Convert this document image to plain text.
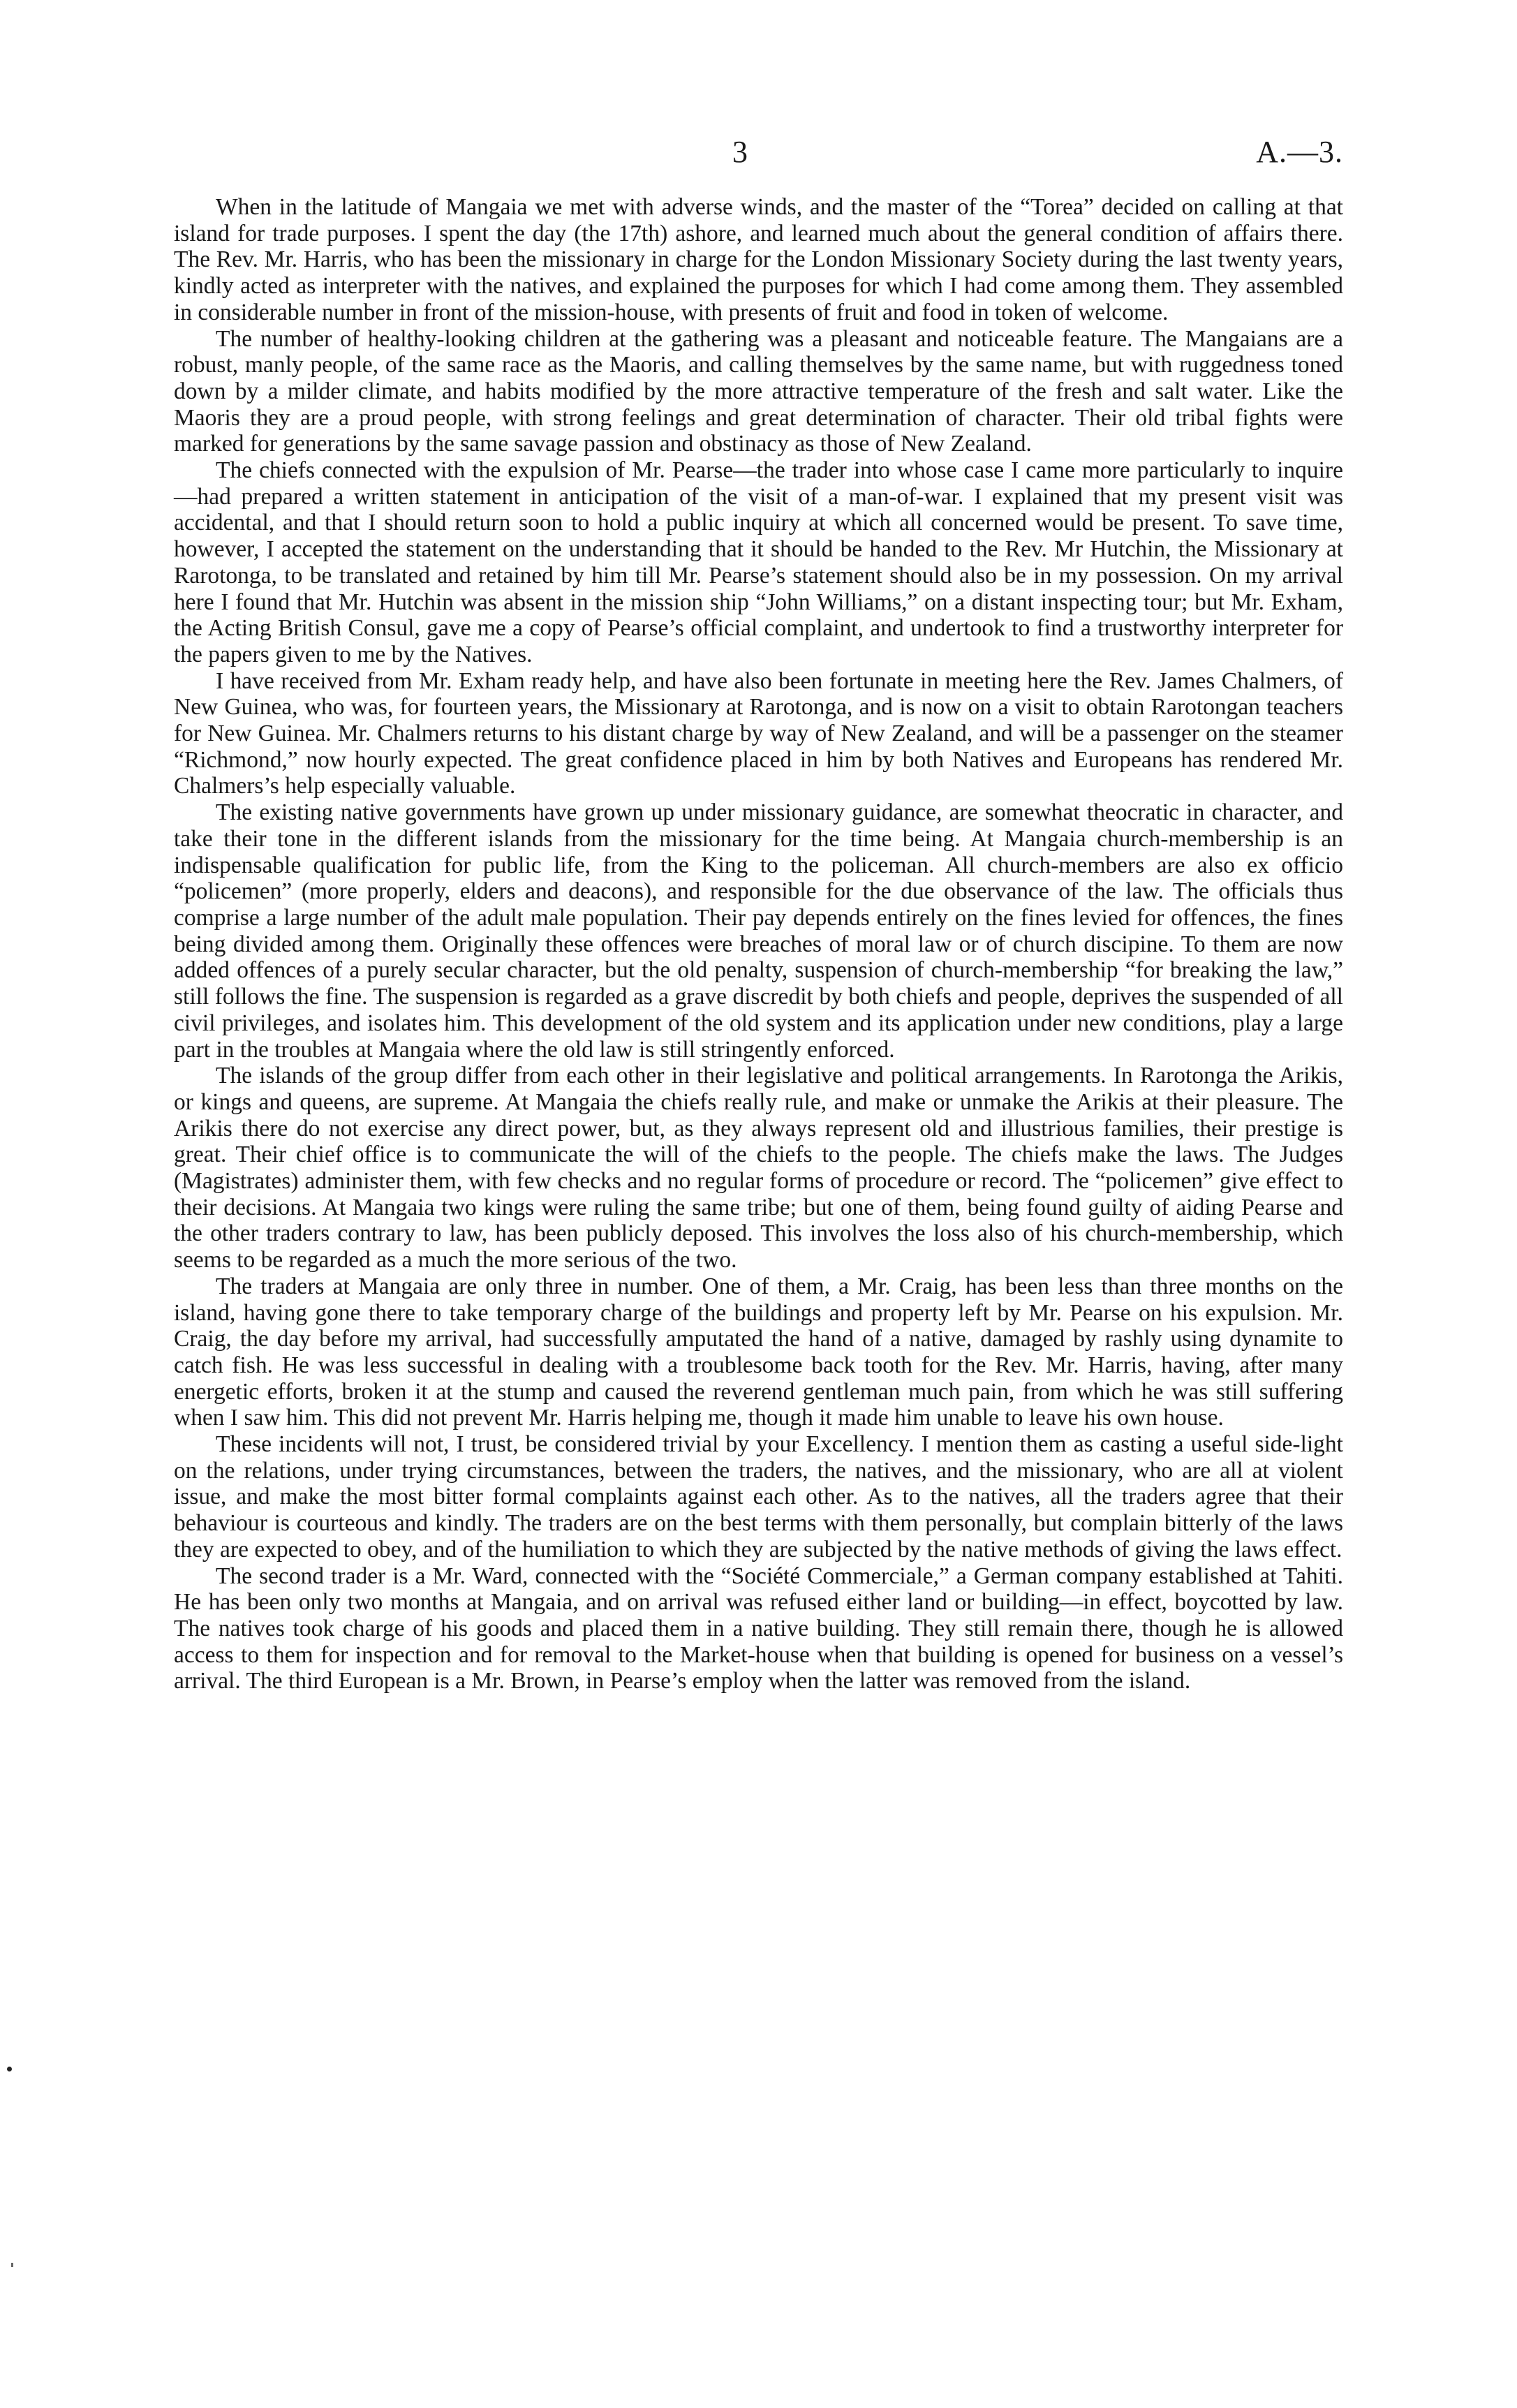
3	A.—3.

When in the latitude of Mangaia we met with adverse winds, and the master of the “Torea” decided on calling at that island for trade purposes. I spent the day (the 17th) ashore, and learned much about the general condition of affairs there. The Rev. Mr. Harris, who has been the missionary in charge for the London Missionary Society during the last twenty years, kindly acted as interpreter with the natives, and explained the purposes for which I had come among them. They assembled in considerable number in front of the mission-house, with presents of fruit and food in token of welcome.

The number of healthy-looking children at the gathering was a pleasant and noticeable feature. The Mangaians are a robust, manly people, of the same race as the Maoris, and calling themselves by the same name, but with ruggedness toned down by a milder climate, and habits modified by the more attractive temperature of the fresh and salt water. Like the Maoris they are a proud people, with strong feelings and great determination of character. Their old tribal fights were marked for generations by the same savage passion and obstinacy as those of New Zealand.

The chiefs connected with the expulsion of Mr. Pearse—the trader into whose case I came more particularly to inquire—had prepared a written statement in anticipation of the visit of a man-of-war. I explained that my present visit was accidental, and that I should return soon to hold a public inquiry at which all concerned would be present. To save time, however, I accepted the statement on the understanding that it should be handed to the Rev. Mr Hutchin, the Missionary at Rarotonga, to be translated and retained by him till Mr. Pearse’s statement should also be in my possession. On my arrival here I found that Mr. Hutchin was absent in the mission ship “John Williams,” on a distant inspecting tour; but Mr. Exham, the Acting British Consul, gave me a copy of Pearse’s official complaint, and undertook to find a trustworthy interpreter for the papers given to me by the Natives.

I have received from Mr. Exham ready help, and have also been fortunate in meeting here the Rev. James Chalmers, of New Guinea, who was, for fourteen years, the Missionary at Rarotonga, and is now on a visit to obtain Rarotongan teachers for New Guinea. Mr. Chalmers returns to his distant charge by way of New Zealand, and will be a passenger on the steamer “Richmond,” now hourly expected. The great confidence placed in him by both Natives and Europeans has rendered Mr. Chalmers’s help especially valuable.

The existing native governments have grown up under missionary guidance, are somewhat theocratic in character, and take their tone in the different islands from the missionary for the time being. At Mangaia church-membership is an indispensable qualification for public life, from the King to the policeman. All church-members are also ex officio “policemen” (more properly, elders and deacons), and responsible for the due observance of the law. The officials thus comprise a large number of the adult male population. Their pay depends entirely on the fines levied for offences, the fines being divided among them. Originally these offences were breaches of moral law or of church discipine. To them are now added offences of a purely secular character, but the old penalty, suspension of church-membership “for breaking the law,” still follows the fine. The suspension is regarded as a grave discredit by both chiefs and people, deprives the suspended of all civil privileges, and isolates him. This development of the old system and its application under new conditions, play a large part in the troubles at Mangaia where the old law is still stringently enforced.

The islands of the group differ from each other in their legislative and political arrangements. In Rarotonga the Arikis, or kings and queens, are supreme. At Mangaia the chiefs really rule, and make or unmake the Arikis at their pleasure. The Arikis there do not exercise any direct power, but, as they always represent old and illustrious families, their prestige is great. Their chief office is to communicate the will of the chiefs to the people. The chiefs make the laws. The Judges (Magistrates) administer them, with few checks and no regular forms of procedure or record. The “policemen” give effect to their decisions. At Mangaia two kings were ruling the same tribe; but one of them, being found guilty of aiding Pearse and the other traders contrary to law, has been publicly deposed. This involves the loss also of his church-membership, which seems to be regarded as a much the more serious of the two.

The traders at Mangaia are only three in number. One of them, a Mr. Craig, has been less than three months on the island, having gone there to take temporary charge of the buildings and property left by Mr. Pearse on his expulsion. Mr. Craig, the day before my arrival, had successfully amputated the hand of a native, damaged by rashly using dynamite to catch fish. He was less successful in dealing with a troublesome back tooth for the Rev. Mr. Harris, having, after many energetic efforts, broken it at the stump and caused the reverend gentleman much pain, from which he was still suffering when I saw him. This did not prevent Mr. Harris helping me, though it made him unable to leave his own house.

These incidents will not, I trust, be considered trivial by your Excellency. I mention them as casting a useful side-light on the relations, under trying circumstances, between the traders, the natives, and the missionary, who are all at violent issue, and make the most bitter formal complaints against each other. As to the natives, all the traders agree that their behaviour is courteous and kindly. The traders are on the best terms with them personally, but complain bitterly of the laws they are expected to obey, and of the humiliation to which they are subjected by the native methods of giving the laws effect.

The second trader is a Mr. Ward, connected with the “Société Commerciale,” a German company established at Tahiti. He has been only two months at Mangaia, and on arrival was refused either land or building—in effect, boycotted by law. The natives took charge of his goods and placed them in a native building. They still remain there, though he is allowed access to them for inspection and for removal to the Market-house when that building is opened for business on a vessel’s arrival. The third European is a Mr. Brown, in Pearse’s employ when the latter was removed from the island.
